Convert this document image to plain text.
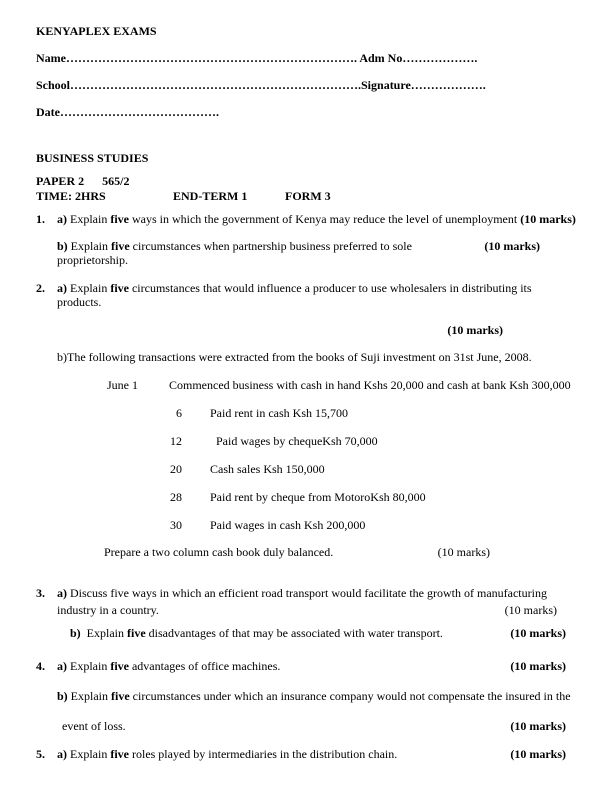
KENYAPLEX EXAMS
Name………………………………………………………………. Adm No……………….
School……………………………………………………………….Signature……………….
Date………………………………….
BUSINESS STUDIES
PAPER 2      565/2
TIME: 2HRS	END-TERM 1	FORM 3
1.	a) Explain five ways in which the government of Kenya may reduce the level of unemployment (10 marks)
b) Explain five circumstances when partnership business preferred to sole proprietorship.
(10 marks)
2.	a) Explain five circumstances that would influence a producer to use wholesalers in distributing its products.
(10 marks)
b)The following transactions were extracted from the books of Suji investment on 31st June, 2008.
June 1	Commenced business with cash in hand Kshs 20,000 and cash at bank Ksh 300,000
6 Paid rent in cash Ksh 15,700
12 Paid wages by chequeKsh 70,000
20 Cash sales Ksh 150,000
28 Paid rent by cheque from MotoroKsh 80,000
30 Paid wages in cash Ksh 200,000
Prepare a two column cash book duly balanced.	(10 marks)
3.	a) Discuss five ways in which an efficient road transport would facilitate the growth of manufacturing
industry in a country.	(10 marks)
b)  Explain five disadvantages of that may be associated with water transport.	(10 marks)
4.	a) Explain five advantages of office machines.	(10 marks)
b) Explain five circumstances under which an insurance company would not compensate the insured in the
event of loss.	(10 marks)
5.	a) Explain five roles played by intermediaries in the distribution chain.	(10 marks)
